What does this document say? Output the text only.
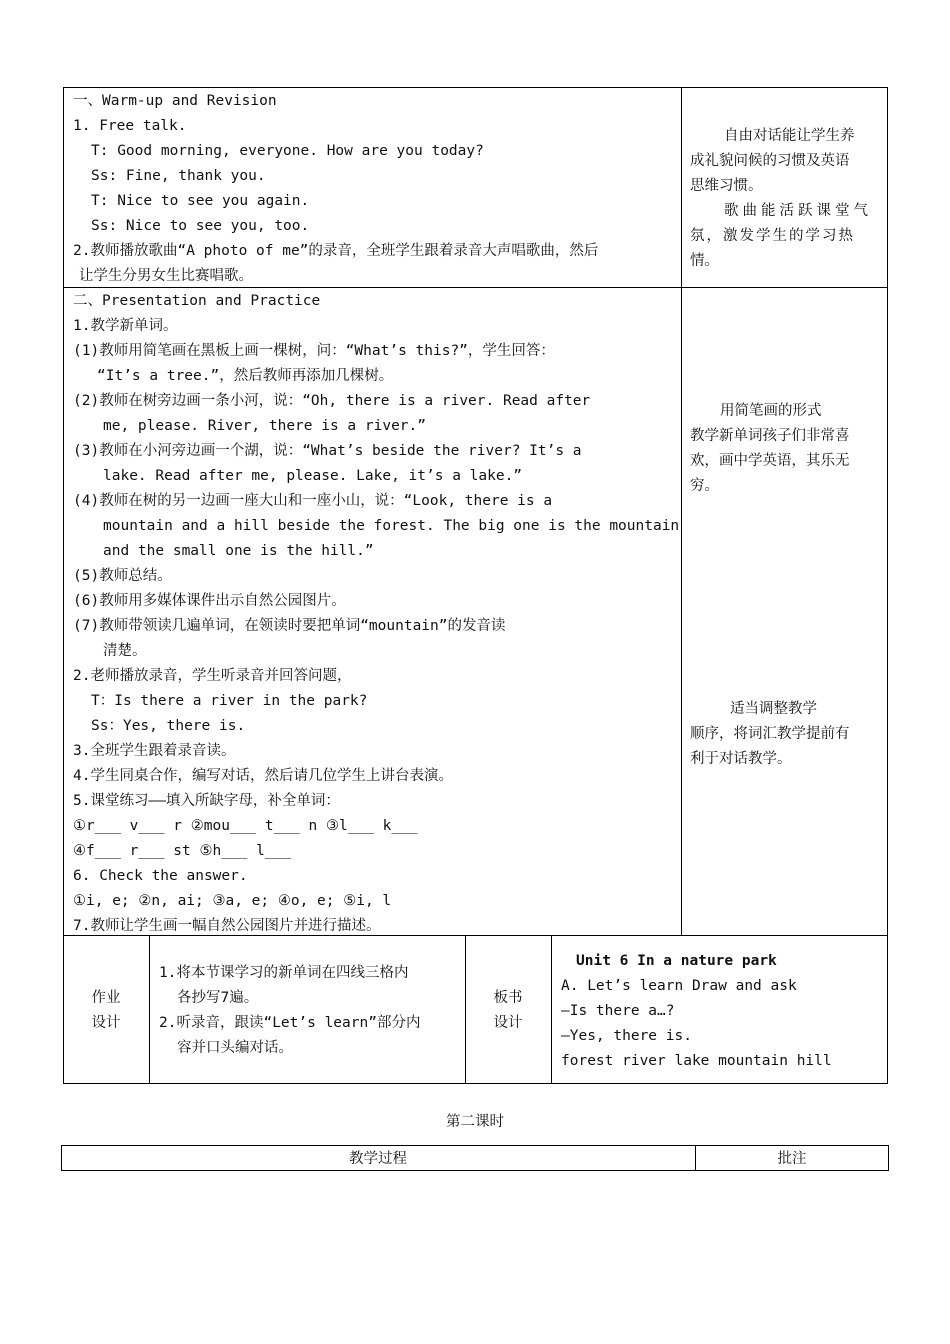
一、Warm-up and Revision
1. Free talk.
T: Good morning, everyone. How are you today?
Ss: Fine, thank you.
T: Nice to see you again.
Ss: Nice to see you, too.
2.教师播放歌曲“A photo of me”的录音，全班学生跟着录音大声唱歌曲，然后
让学生分男女生比赛唱歌。
自由对话能让学生养
成礼貌问候的习惯及英语
思维习惯。
歌曲能活跃课堂气
氛，激发学生的学习热
情。
二、Presentation and Practice
1.教学新单词。
(1)教师用简笔画在黑板上画一棵树，问：“What’s this?”，学生回答：
“It’s a tree.”，然后教师再添加几棵树。
(2)教师在树旁边画一条小河，说：“Oh, there is a river. Read after
me, please. River, there is a river.”
(3)教师在小河旁边画一个湖，说：“What’s beside the river? It’s a
lake. Read after me, please. Lake, it’s a lake.”
(4)教师在树的另一边画一座大山和一座小山，说：“Look, there is a
mountain and a hill beside the forest. The big one is the mountain
and the small one is the hill.”
(5)教师总结。
(6)教师用多媒体课件出示自然公园图片。
(7)教师带领读几遍单词，在领读时要把单词“mountain”的发音读
清楚。
2.老师播放录音，学生听录音并回答问题，
T：Is there a river in the park?
Ss：Yes, there is.
3.全班学生跟着录音读。
4.学生同桌合作，编写对话，然后请几位学生上讲台表演。
5.课堂练习——填入所缺字母，补全单词：
①r___ v___ r ②mou___ t___ n ③l___ k___
④f___ r___ st ⑤h___ l___
6. Check the answer.
①i, e; ②n, ai; ③a, e; ④o, e; ⑤i, l
7.教师让学生画一幅自然公园图片并进行描述。
用简笔画的形式
教学新单词孩子们非常喜
欢，画中学英语，其乐无
穷。
适当调整教学
顺序，将词汇教学提前有
利于对话教学。
作业
设计
1.将本节课学习的新单词在四线三格内
各抄写7遍。
2.听录音，跟读“Let’s learn”部分内
容并口头编对话。
板书
设计
Unit 6 In a nature park
A. Let’s learn Draw and ask
—Is there a…?
—Yes, there is.
forest river lake mountain hill
第二课时
教学过程	批注
